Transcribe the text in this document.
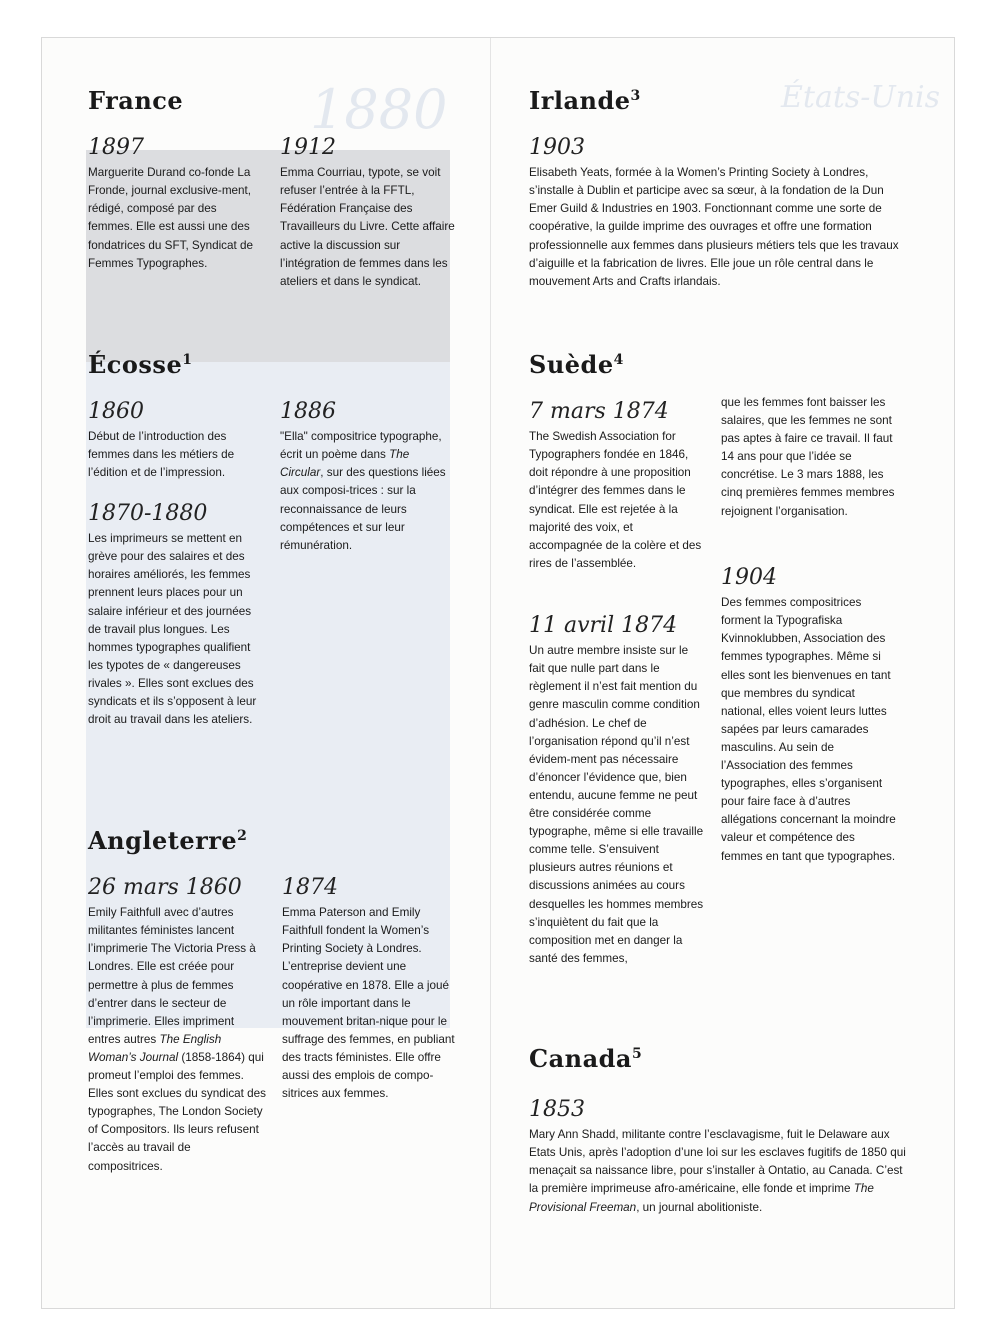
1880
France
1897

Marguerite Durand co-fonde La Fronde, journal exclusive-ment, rédigé, composé par des femmes. Elle est aussi une des fondatrices du SFT, Syndicat de Femmes Typographes.

1912

Emma Courriau, typote, se voit refuser l’entrée à la FFTL, Fédération Française des Travailleurs du Livre. Cette affaire active la discussion sur l’intégration de femmes dans les ateliers et dans le syndicat.

Écosse$^1$
1860

Début de l’introduction des femmes dans les métiers de l’édition et de l’impression.

1886

"Ella" compositrice typographe, écrit un poème dans The Circular, sur des questions liées aux composi-trices : sur la reconnaissance de leurs compétences et sur leur rémunération.

1870-1880

Les imprimeurs se mettent en grève pour des salaires et des horaires améliorés, les femmes prennent leurs places pour un salaire inférieur et des journées de travail plus longues. Les hommes typographes qualifient les typotes de « dangereuses rivales ». Elles sont exclues des syndicats et ils s’opposent à leur droit au travail dans les ateliers.

Angleterre$^2$
26 mars 1860

Emily Faithfull avec d’autres militantes féministes lancent l’imprimerie The Victoria Press à Londres. Elle est créée pour permettre à plus de femmes d’entrer dans le secteur de l’imprimerie. Elles impriment entres autres The English Woman’s Journal (1858-1864) qui promeut l’emploi des femmes. Elles sont exclues du syndicat des typographes, The London Society of Compositors. Ils leurs refusent l’accès au travail de compositrices.

1874

Emma Paterson and Emily Faithfull fondent la Women’s Printing Society à Londres. L’entreprise devient une coopérative en 1878. Elle a joué un rôle important dans le mouvement britan-nique pour le suffrage des femmes, en publiant des tracts féministes. Elle offre aussi des emplois de compo-sitrices aux femmes.

États-Unis
Irlande$^3$
1903

Elisabeth Yeats, formée à la Women’s Printing Society à Londres, s’installe à Dublin et participe avec sa sœur, à la fondation de la Dun Emer Guild & Industries en 1903. Fonctionnant comme une sorte de coopérative, la guilde imprime des ouvrages et offre une formation professionnelle aux femmes dans plusieurs métiers tels que les travaux d’aiguille et la fabrication de livres. Elle joue un rôle central dans le mouvement Arts and Crafts irlandais.

Suède$^4$
7 mars 1874

The Swedish Association for Typographers fondée en 1846, doit répondre à une proposition d’intégrer des femmes dans le syndicat. Elle est rejetée à la majorité des voix, et accompagnée de la colère et des rires de l’assemblée.

que les femmes font baisser les salaires, que les femmes ne sont pas aptes à faire ce travail. Il faut 14 ans pour que l’idée se concrétise. Le 3 mars 1888, les cinq premières femmes membres rejoignent l’organisation.

11 avril 1874

Un autre membre insiste sur le fait que nulle part dans le règlement il n’est fait mention du genre masculin comme condition d’adhésion. Le chef de l’organisation répond qu’il n’est évidem-ment pas nécessaire d’énoncer l’évidence que, bien entendu, aucune femme ne peut être considérée comme typographe, même si elle travaille comme telle. S’ensuivent plusieurs autres réunions et discussions animées au cours desquelles les hommes membres s’inquiètent du fait que la composition met en danger la santé des femmes,

1904

Des femmes compositrices forment la Typografiska Kvinnoklubben, Association des femmes typographes. Même si elles sont les bienvenues en tant que membres du syndicat national, elles voient leurs luttes sapées par leurs camarades masculins. Au sein de l’Association des femmes typographes, elles s’organisent pour faire face à d’autres allégations concernant la moindre valeur et compétence des femmes en tant que typographes.

Canada$^5$
1853

Mary Ann Shadd, militante contre l’esclavagisme, fuit le Delaware aux Etats Unis, après l’adoption d’une loi sur les esclaves fugitifs de 1850 qui menaçait sa naissance libre, pour s’installer à Ontatio, au Canada. C’est la première imprimeuse afro-américaine, elle fonde et imprime The Provisional Freeman, un journal abolitioniste.
